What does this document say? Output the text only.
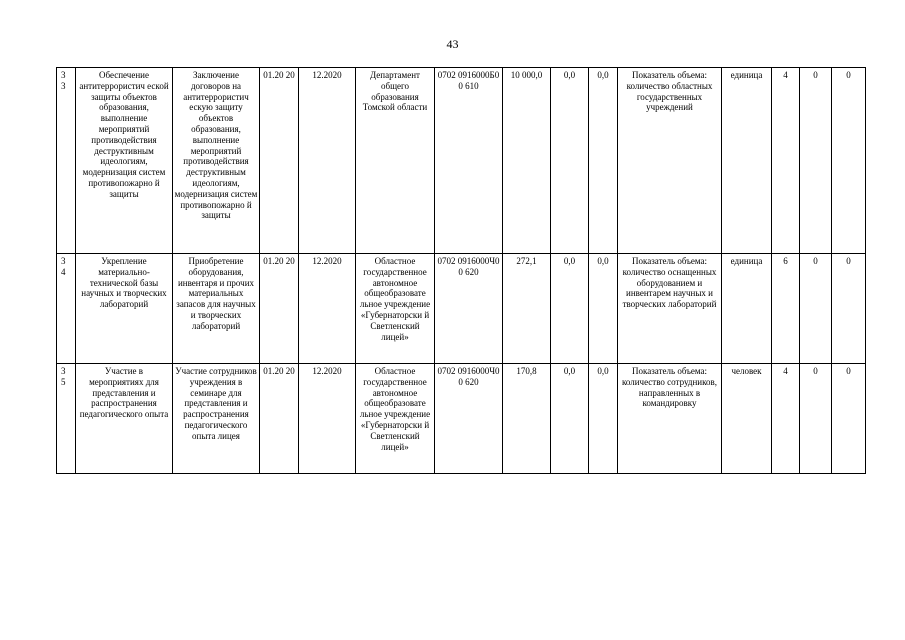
43
3
3	Обеспечение антитеррористич еской защиты объектов образования, выполнение мероприятий противодействия деструктивным идеологиям, модернизация систем противопожарно й защиты	Заключение договоров на антитеррористич ескую защиту объектов образования, выполнение мероприятий противодействия деструктивным идеологиям, модернизация систем противопожарно й защиты	01.20 20	12.2020	Департамент общего образования Томской области	0702 0916000Б0 0 610	10 000,0	0,0	0,0	Показатель объема: количество областных государственных учреждений	единица	4	0	0
3
4	Укрепление материально-технической базы научных и творческих лабораторий	Приобретение оборудования, инвентаря и прочих материальных запасов для научных и творческих лабораторий	01.20 20	12.2020	Областное государственное автономное общеобразовате льное учреждение «Губернаторски й Светленский лицей»	0702 0916000Ч0 0 620	272,1	0,0	0,0	Показатель объема: количество оснащенных оборудованием и инвентарем научных и творческих лабораторий	единица	6	0	0
3
5	Участие в мероприятиях для представления и распространения педагогического опыта	Участие сотрудников учреждения в семинаре для представления и распространения педагогического опыта лицея	01.20 20	12.2020	Областное государственное автономное общеобразовате льное учреждение «Губернаторски й Светленский лицей»	0702 0916000Ч0 0 620	170,8	0,0	0,0	Показатель объема: количество сотрудников, направленных в командировку	человек	4	0	0
